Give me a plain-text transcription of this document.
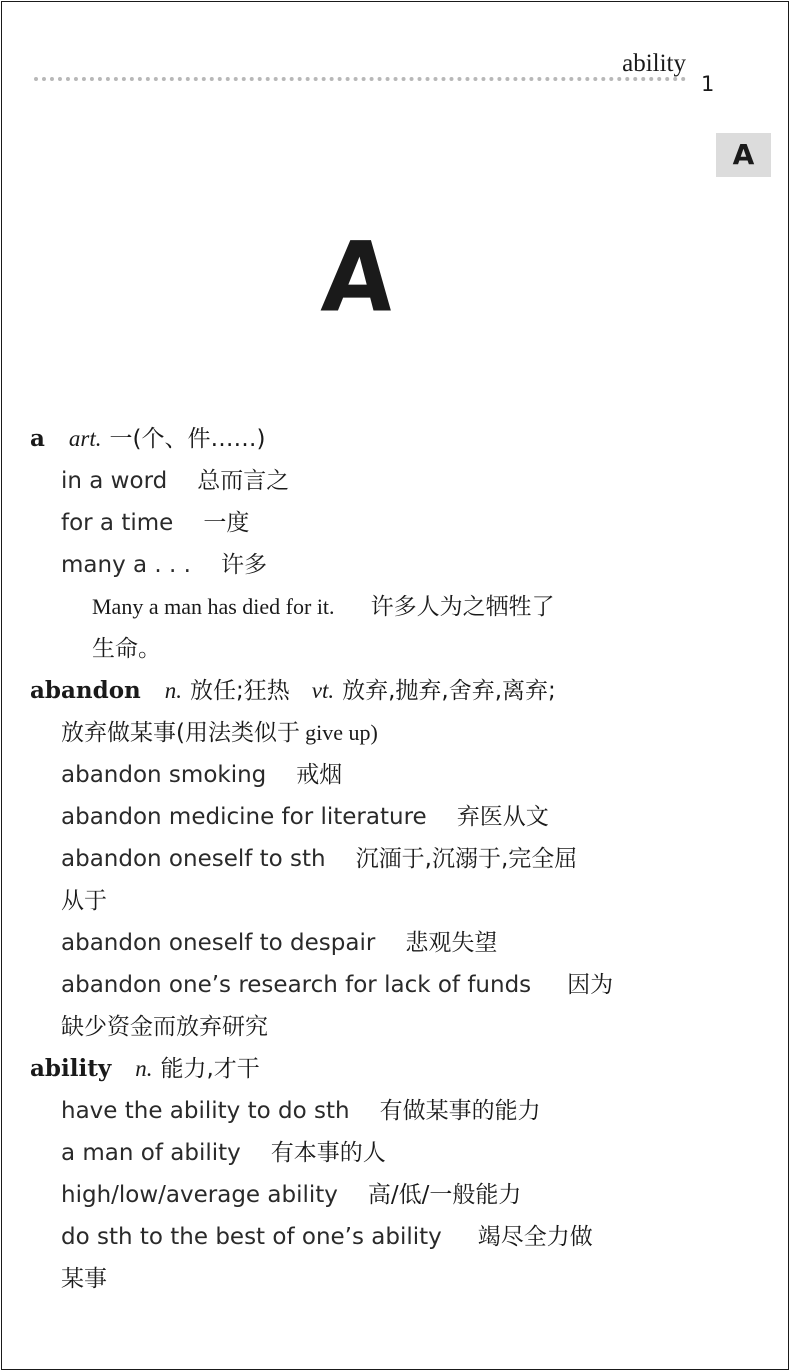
ability
1
A
A
a art. 一(个、件……)
in a word 总而言之
for a time 一度
many a . . . 许多
Many a man has died for it. 许多人为之牺牲了
生命。
abandon n. 放任;狂热 vt. 放弃,抛弃,舍弃,离弃;
放弃做某事(用法类似于 give up)
abandon smoking 戒烟
abandon medicine for literature 弃医从文
abandon oneself to sth 沉湎于,沉溺于,完全屈
从于
abandon oneself to despair 悲观失望
abandon one’s research for lack of funds 因为
缺少资金而放弃研究
ability n. 能力,才干
have the ability to do sth 有做某事的能力
a man of ability 有本事的人
high/low/average ability 高/低/一般能力
do sth to the best of one’s ability 竭尽全力做
某事
